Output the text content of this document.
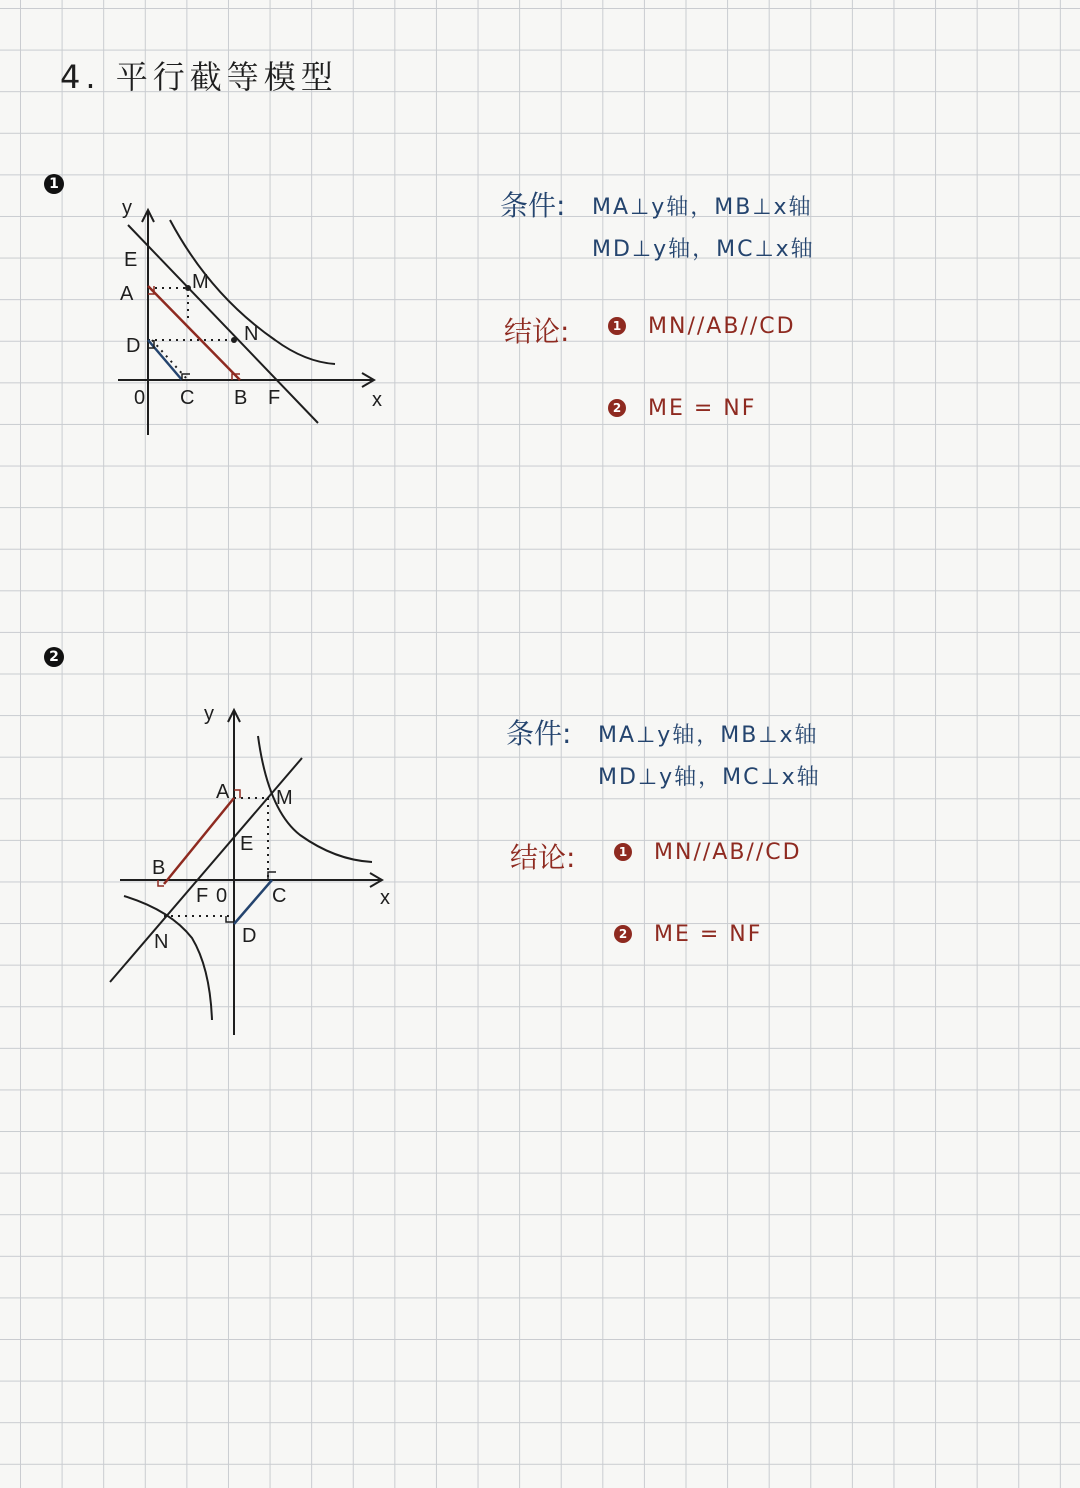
4. 平行截等模型
1
y
x
0
E
A
D
M
N
C B F
条件: MA⊥y轴，MB⊥x轴
MD⊥y轴，MC⊥x轴
结论:	1 MN//AB//CD
2 ME = NF
2
y
x
0
A M
E
B
F	C
N	D
条件: MA⊥y轴，MB⊥x轴
MD⊥y轴，MC⊥x轴
结论:	1 MN//AB//CD
2 ME = NF
